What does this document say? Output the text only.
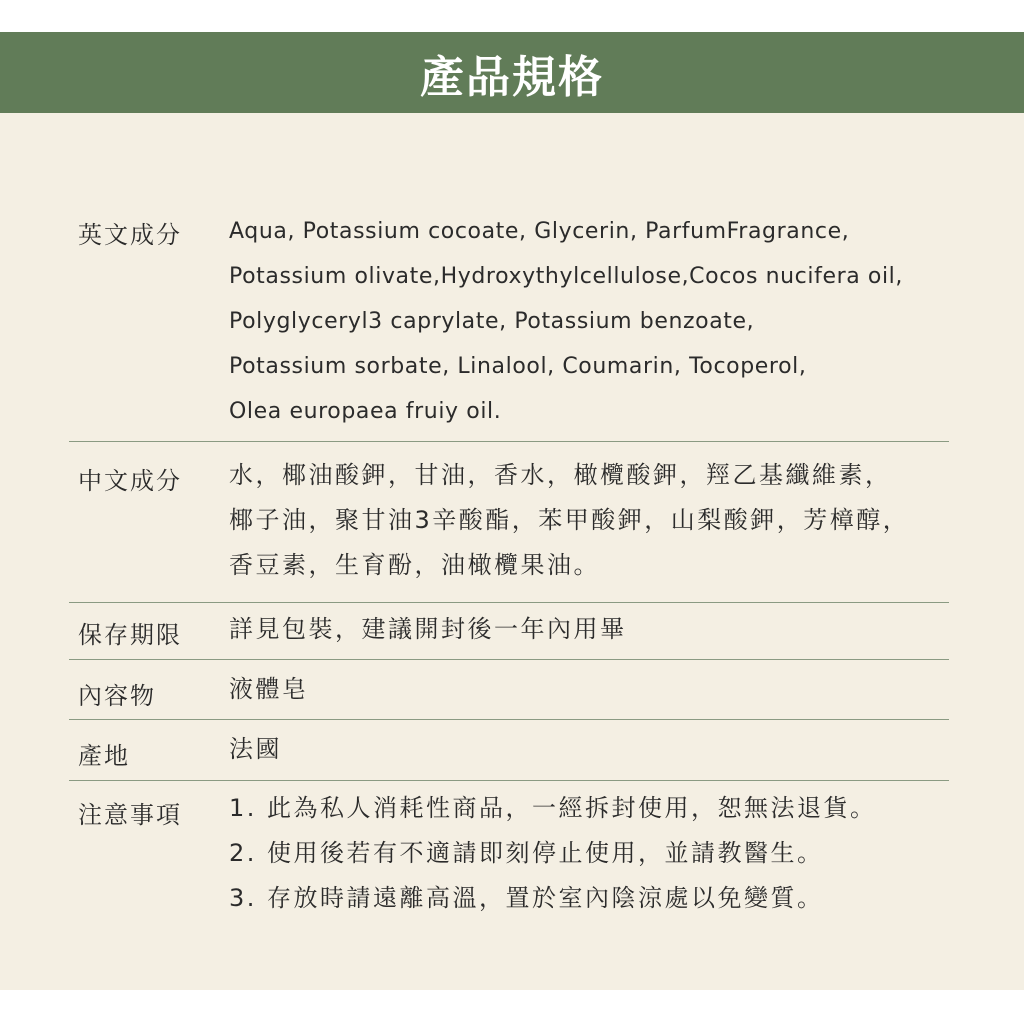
產品規格
英文成分	Aqua, Potassium cocoate, Glycerin, ParfumFragrance,
Potassium olivate,Hydroxythylcellulose,Cocos nucifera oil,
Polyglyceryl3 caprylate, Potassium benzoate,
Potassium sorbate, Linalool, Coumarin, Tocoperol,
Olea europaea fruiy oil.
中文成分	水，椰油酸鉀，甘油，香水，橄欖酸鉀，羥乙基纖維素，
椰子油，聚甘油3辛酸酯，苯甲酸鉀，山梨酸鉀，芳樟醇，
香豆素，生育酚，油橄欖果油。
保存期限	詳見包裝，建議開封後一年內用畢
內容物	液體皂
產地	法國
注意事項	1. 此為私人消耗性商品，一經拆封使用，恕無法退貨。
2. 使用後若有不適請即刻停止使用，並請教醫生。
3. 存放時請遠離高溫，置於室內陰涼處以免變質。
